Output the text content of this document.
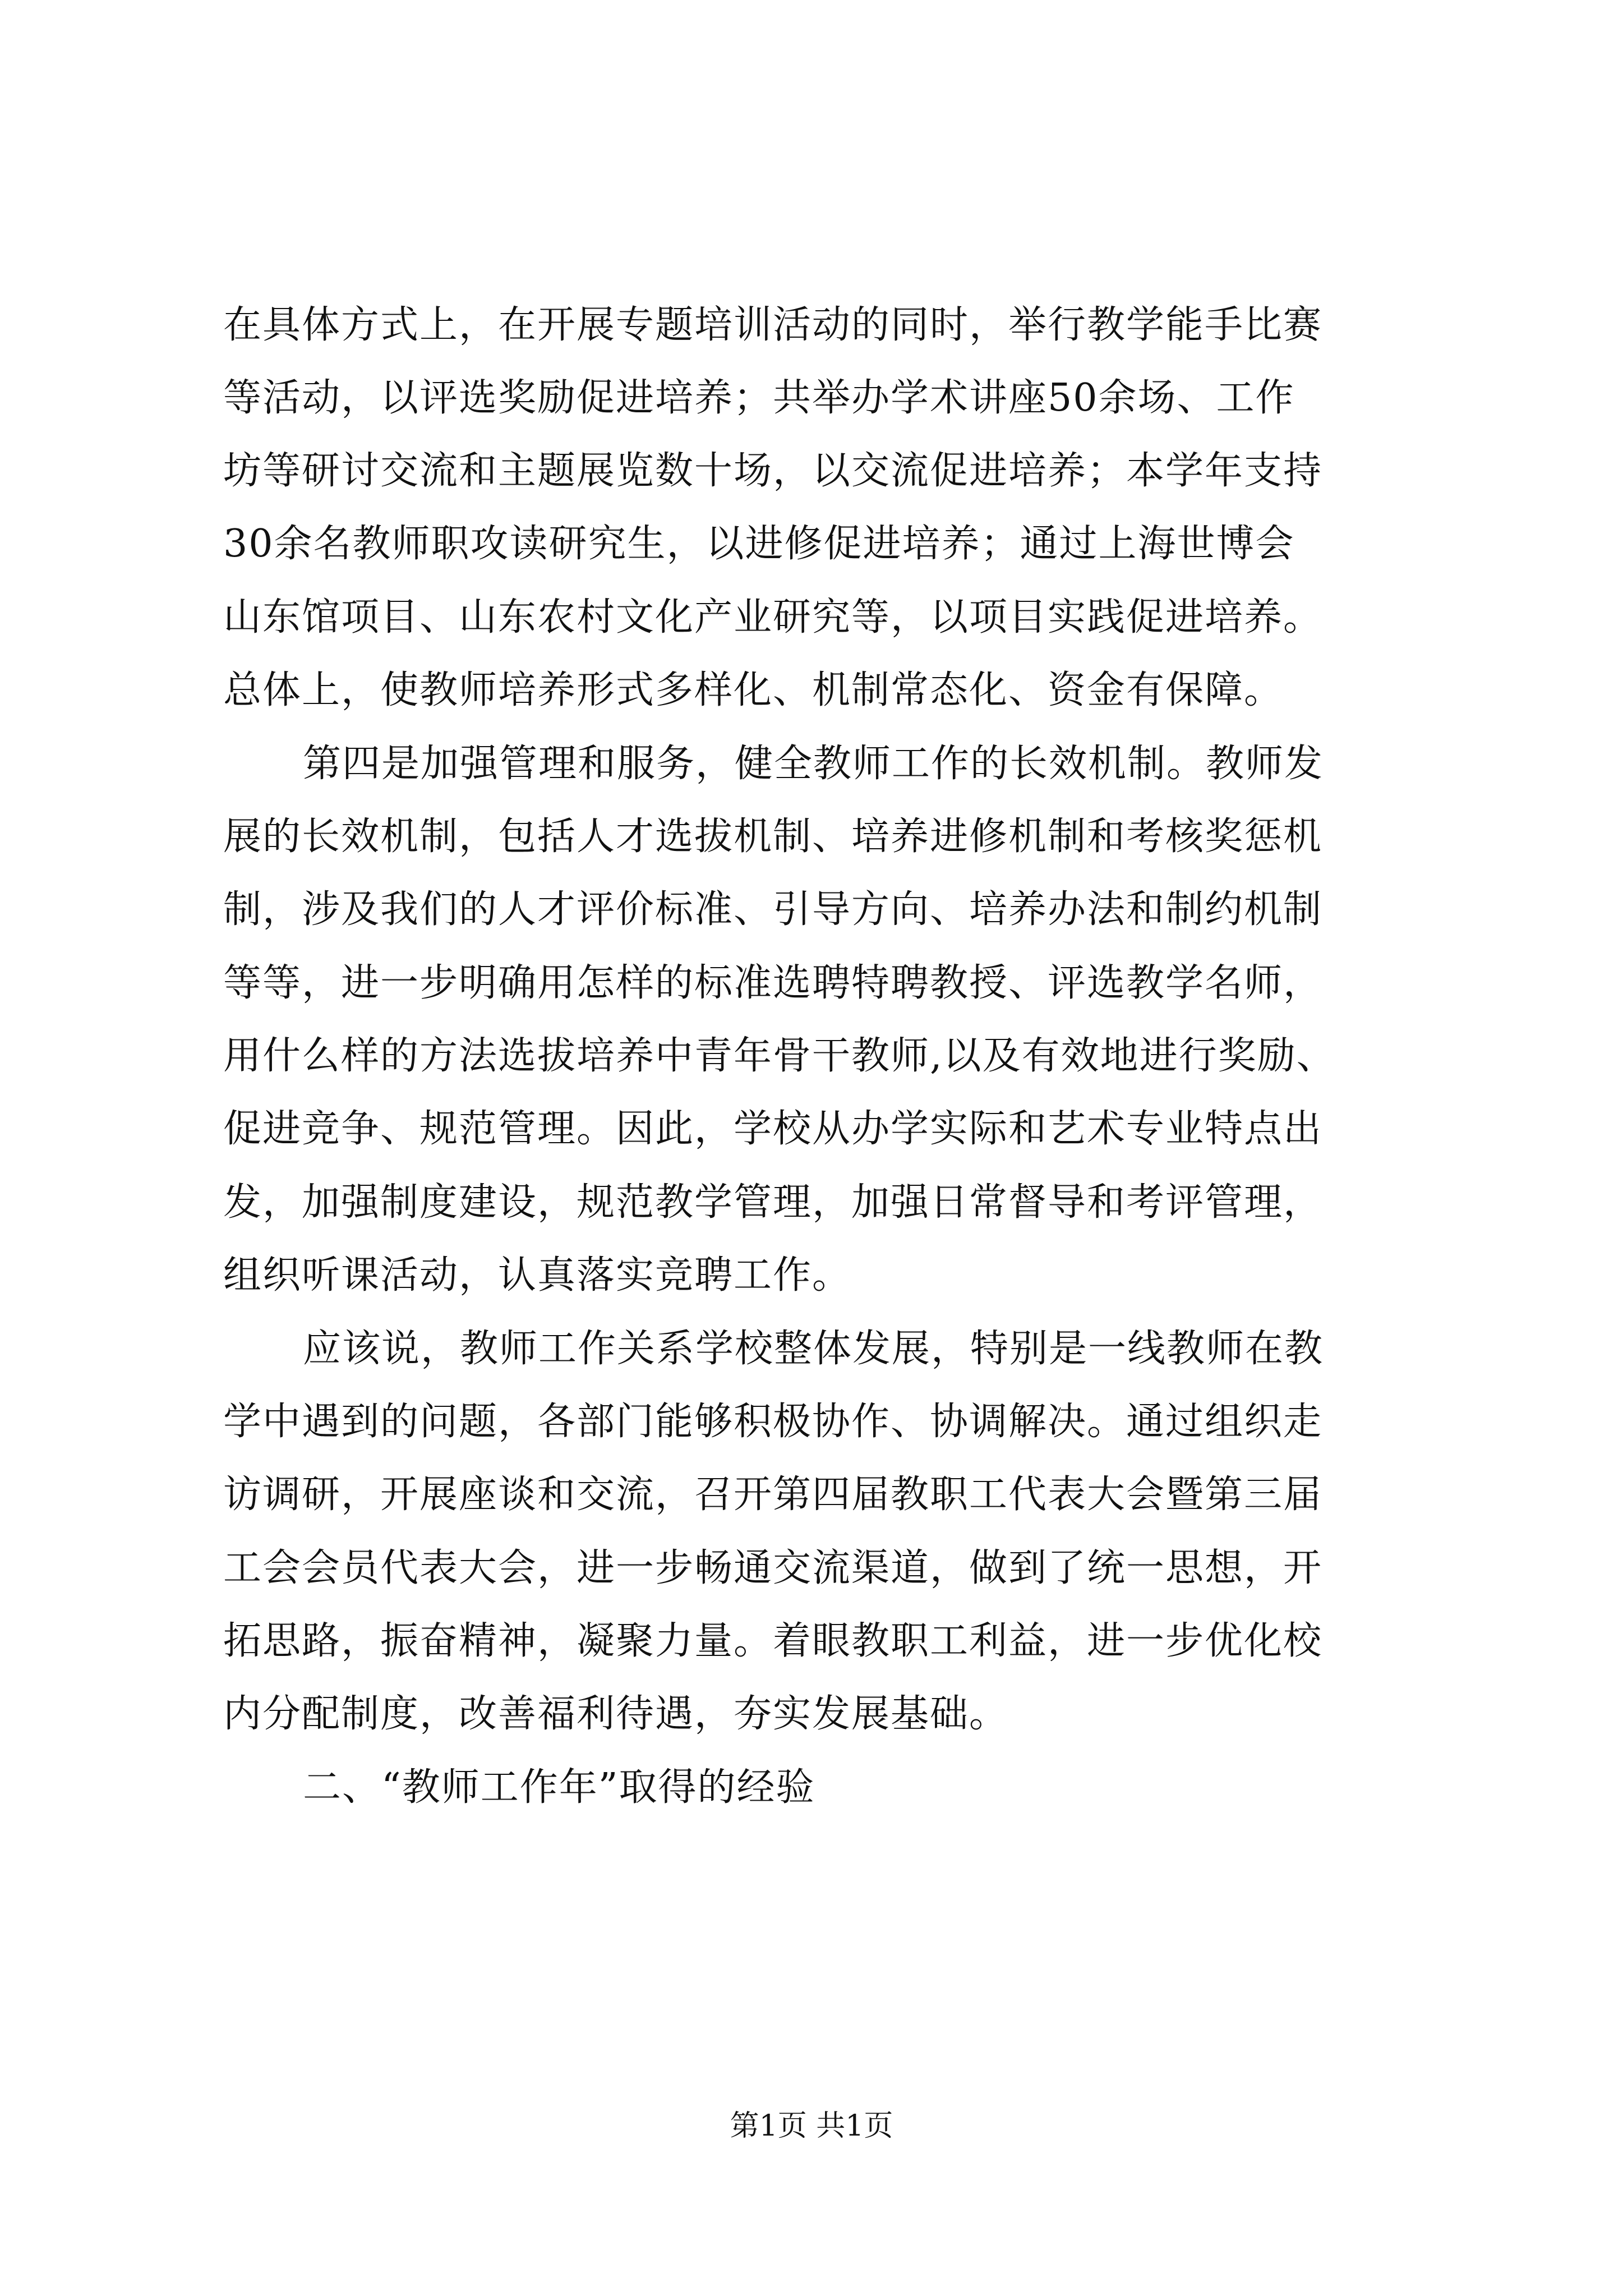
在具体方式上，在开展专题培训活动的同时，举行教学能手比赛
等活动，以评选奖励促进培养；共举办学术讲座50余场、工作
坊等研讨交流和主题展览数十场，以交流促进培养；本学年支持
30余名教师职攻读研究生，以进修促进培养；通过上海世博会
山东馆项目、山东农村文化产业研究等，以项目实践促进培养。
总体上，使教师培养形式多样化、机制常态化、资金有保障。
第四是加强管理和服务，健全教师工作的长效机制。教师发
展的长效机制，包括人才选拔机制、培养进修机制和考核奖惩机
制，涉及我们的人才评价标准、引导方向、培养办法和制约机制
等等，进一步明确用怎样的标准选聘特聘教授、评选教学名师，
用什么样的方法选拔培养中青年骨干教师,以及有效地进行奖励、
促进竞争、规范管理。因此，学校从办学实际和艺术专业特点出
发，加强制度建设，规范教学管理，加强日常督导和考评管理，
组织听课活动，认真落实竞聘工作。
应该说，教师工作关系学校整体发展，特别是一线教师在教
学中遇到的问题，各部门能够积极协作、协调解决。通过组织走
访调研，开展座谈和交流，召开第四届教职工代表大会暨第三届
工会会员代表大会，进一步畅通交流渠道，做到了统一思想，开
拓思路，振奋精神，凝聚力量。着眼教职工利益，进一步优化校
内分配制度，改善福利待遇，夯实发展基础。
二、“教师工作年”取得的经验
第1页 共1页
